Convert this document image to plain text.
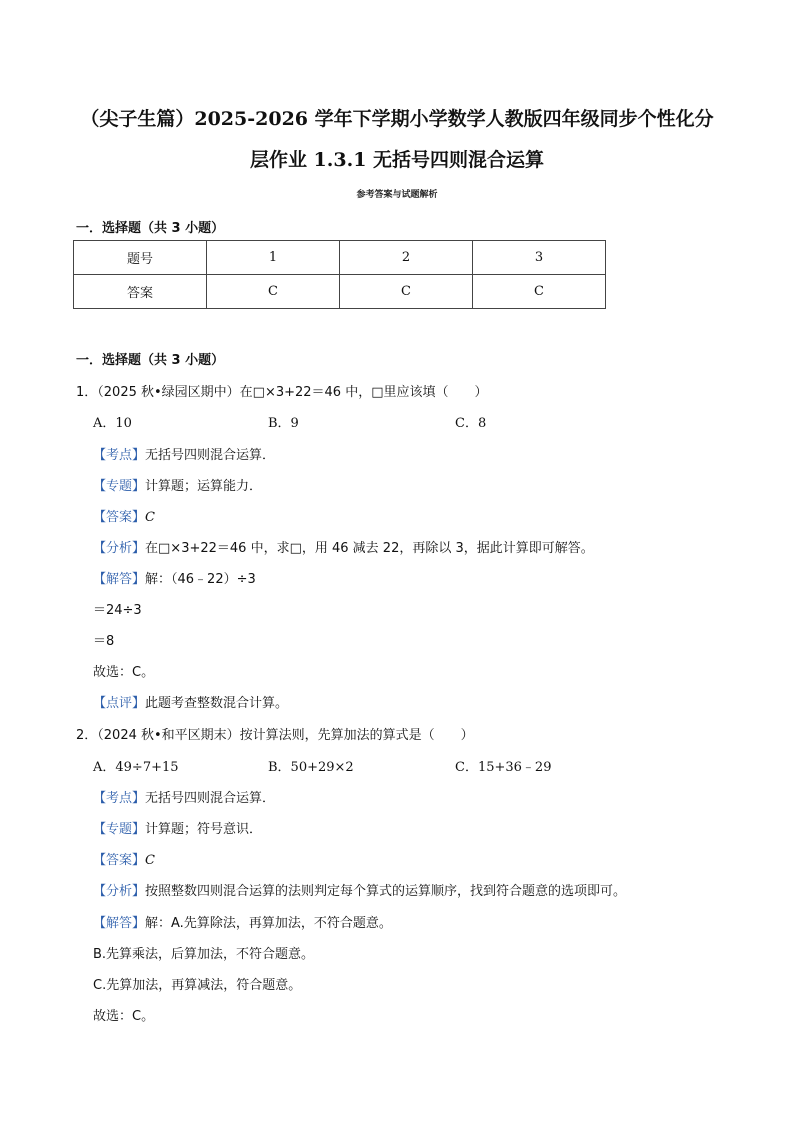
（尖子生篇）2025-2026 学年下学期小学数学人教版四年级同步个性化分
层作业 1.3.1 无括号四则混合运算
参考答案与试题解析
一．选择题（共 3 小题）
题号	1	2	3
答案	C	C	C
一．选择题（共 3 小题）
1．（2025 秋•绿园区期中）在□×3+22＝46 中，□里应该填（　　）
A．10	B．9	C．8
【考点】无括号四则混合运算．
【专题】计算题；运算能力．
【答案】C
【分析】在□×3+22＝46 中，求□，用 46 减去 22，再除以 3，据此计算即可解答。
【解答】解：（46﹣22）÷3
＝24÷3
＝8
故选：C。
【点评】此题考查整数混合计算。
2．（2024 秋•和平区期末）按计算法则，先算加法的算式是（　　）
A．49÷7+15	B．50+29×2	C．15+36﹣29
【考点】无括号四则混合运算．
【专题】计算题；符号意识．
【答案】C
【分析】按照整数四则混合运算的法则判定每个算式的运算顺序，找到符合题意的选项即可。
【解答】解：A.先算除法，再算加法，不符合题意。
B.先算乘法，后算加法，不符合题意。
C.先算加法，再算减法，符合题意。
故选：C。
